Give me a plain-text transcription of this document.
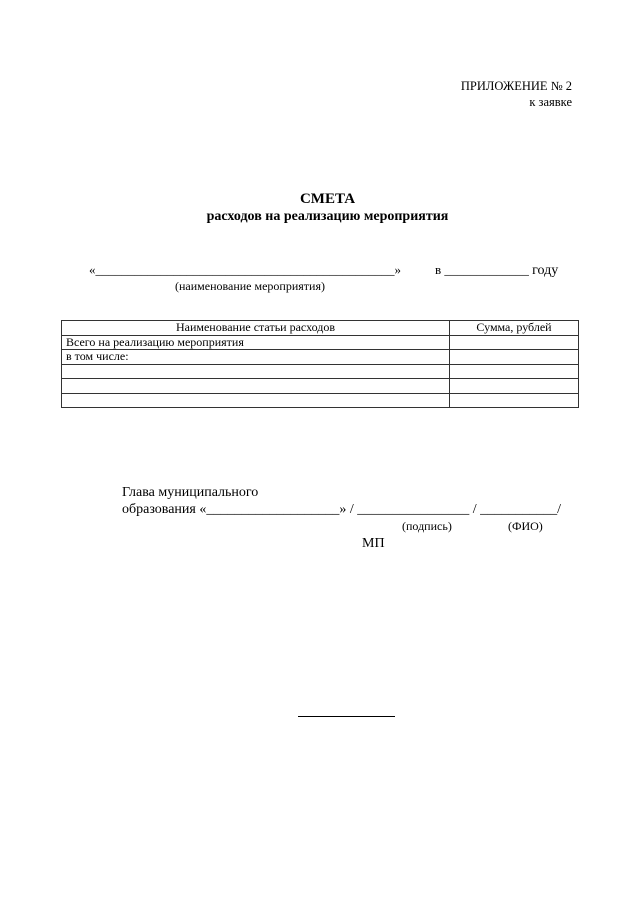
ПРИЛОЖЕНИЕ № 2
к заявке
СМЕТА
расходов на реализацию мероприятия
«______________________________________________»	в _____________ году
(наименование мероприятия)
Наименование статьи расходов	Сумма, рублей
Всего на реализацию мероприятия	
в том числе:	

Глава муниципального
образования «___________________» / ________________ / ___________/
(подпись)	(ФИО)
МП
